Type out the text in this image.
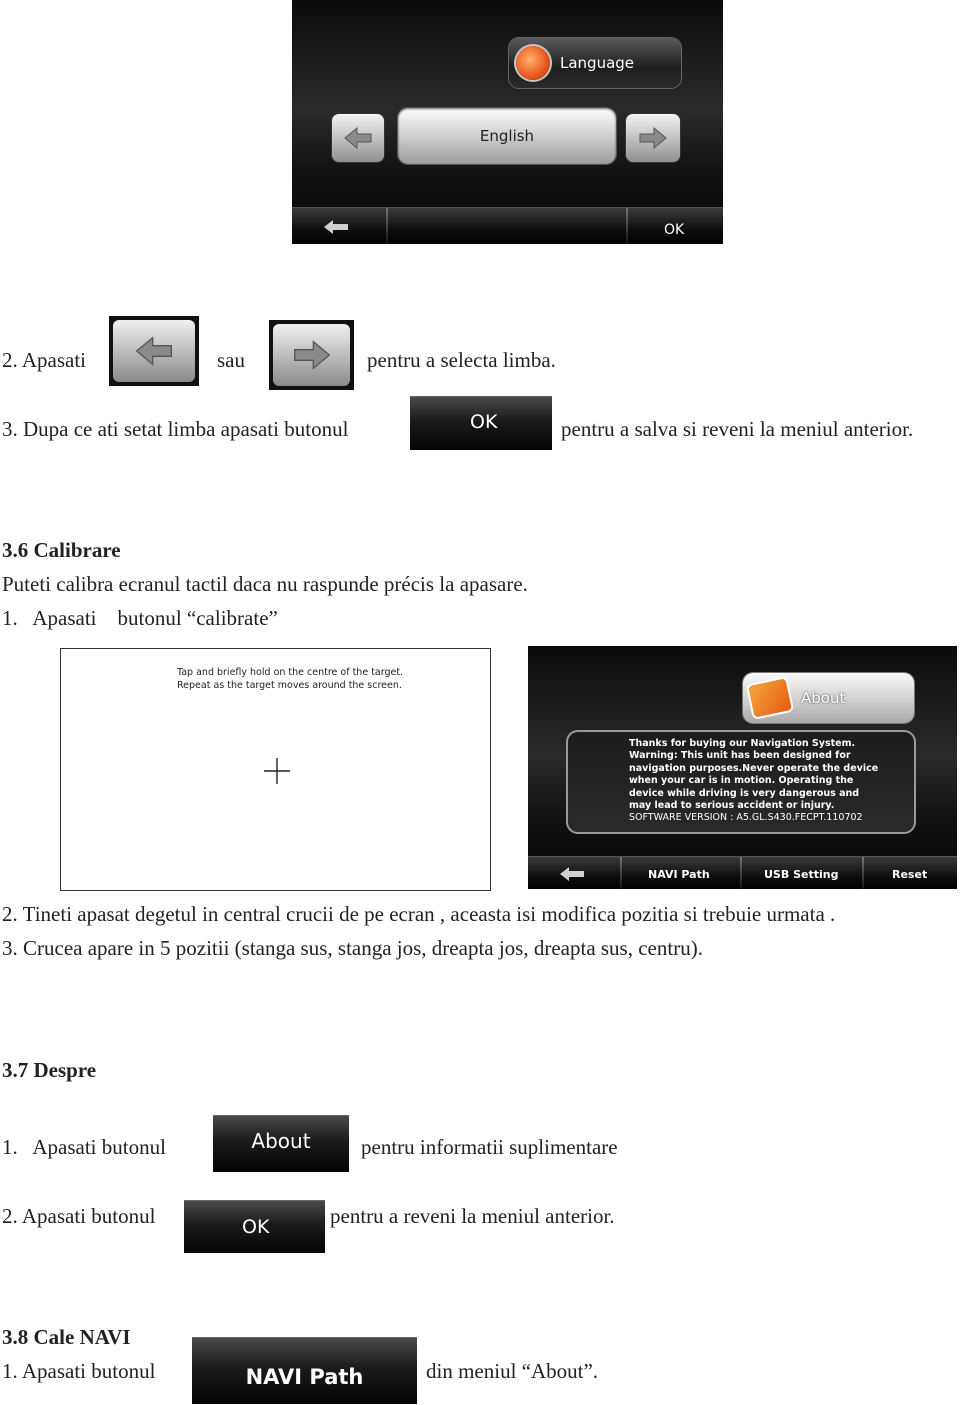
Language
English
OK
2. Apasati	sau	pentru a selecta limba.
3. Dupa ce ati setat limba apasati butonul	OK	pentru a salva si reveni la meniul anterior.
3.6 Calibrare
Puteti calibra ecranul tactil daca nu raspunde précis la apasare.
1.   Apasati    butonul “calibrate”
Tap and briefly hold on the centre of the target.
Repeat as the target moves around the screen.
About
Thanks for buying our Navigation System.
Warning: This unit has been designed for
navigation purposes.Never operate the device
when your car is in motion. Operating the
device while driving is very dangerous and
may lead to serious accident or injury.
SOFTWARE VERSION : A5.GL.S430.FECPT.110702
NAVI Path	USB Setting	Reset
2. Tineti apasat degetul in central crucii de pe ecran , aceasta isi modifica pozitia si trebuie urmata .
3. Crucea apare in 5 pozitii (stanga sus, stanga jos, dreapta jos, dreapta sus, centru).
3.7 Despre
1.   Apasati butonul	About pentru informatii suplimentare
2. Apasati butonul	OK	pentru a reveni la meniul anterior.
3.8 Cale NAVI
1. Apasati butonul	NAVI Path	din meniul “About”.
